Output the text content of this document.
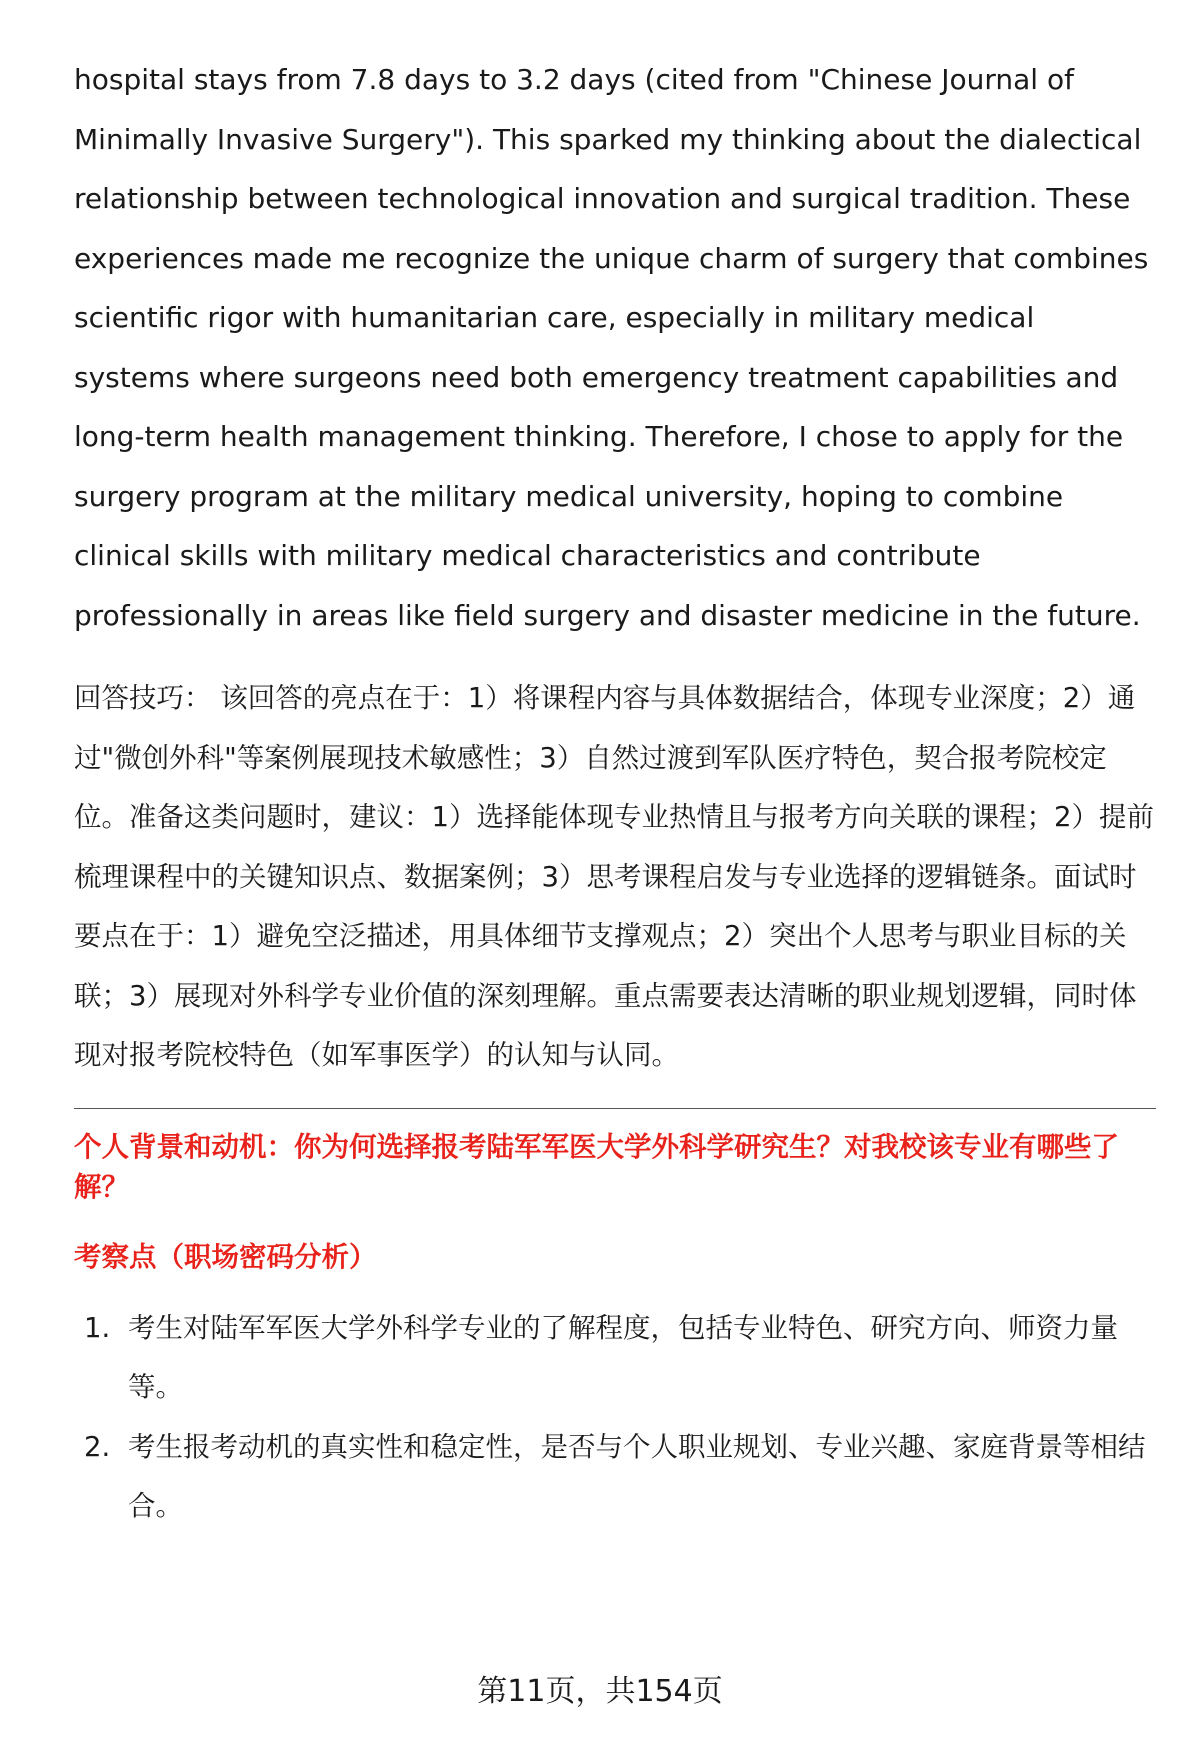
hospital stays from 7.8 days to 3.2 days (cited from "Chinese Journal of Minimally Invasive Surgery"). This sparked my thinking about the dialectical relationship between technological innovation and surgical tradition. These experiences made me recognize the unique charm of surgery that combines scientific rigor with humanitarian care, especially in military medical systems where surgeons need both emergency treatment capabilities and long-term health management thinking. Therefore, I chose to apply for the surgery program at the military medical university, hoping to combine clinical skills with military medical characteristics and contribute professionally in areas like field surgery and disaster medicine in the future.

回答技巧： 该回答的亮点在于：1）将课程内容与具体数据结合，体现专业深度；2）通过"微创外科"等案例展现技术敏感性；3）自然过渡到军队医疗特色，契合报考院校定位。准备这类问题时，建议：1）选择能体现专业热情且与报考方向关联的课程；2）提前梳理课程中的关键知识点、数据案例；3）思考课程启发与专业选择的逻辑链条。面试时要点在于：1）避免空泛描述，用具体细节支撑观点；2）突出个人思考与职业目标的关联；3）展现对外科学专业价值的深刻理解。重点需要表达清晰的职业规划逻辑，同时体现对报考院校特色（如军事医学）的认知与认同。
个人背景和动机：你为何选择报考陆军军医大学外科学研究生？对我校该专业有哪些了解？
考察点（职场密码分析）
1. 考生对陆军军医大学外科学专业的了解程度，包括专业特色、研究方向、师资力量等。
2. 考生报考动机的真实性和稳定性，是否与个人职业规划、专业兴趣、家庭背景等相结合。
第11页，共154页
